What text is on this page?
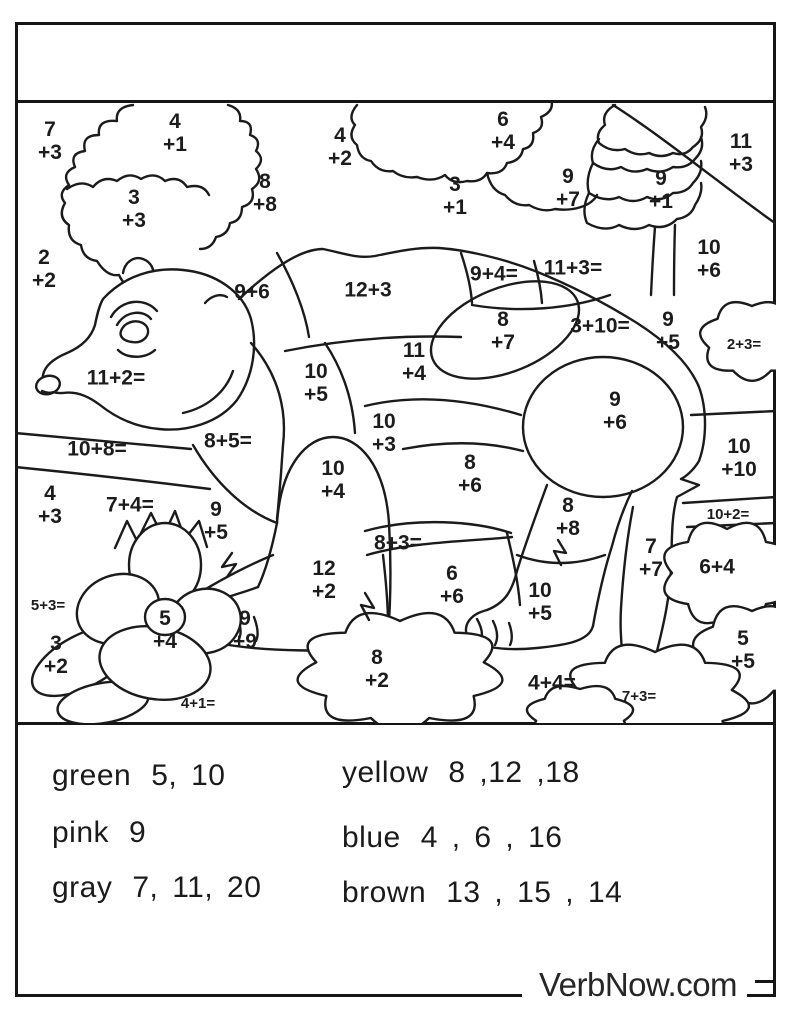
7
+3
4
+1	4
+2
6
+4	11
+3
3
+3
8
+8
3
+1
9
+7
9
+1
2
+2
10
+6
9+6	12+3
9+4= 11+3=
8
+7
3+10= 9
+5	2+3=
11
+4
10
+5
11+2=
10
+3
9
+6
10
+10
10+8=	8+5=
8
+6
10
+4
4
+3 7+4=	9
+5
8
+8
10+2=
8+3=
12
+2
7
+7 6+4
5+3=
6
+6	10
+5
5
+4
9
+9
3
+2	8
+2
5
+5
4+4=
7+3=
4+1=
green 5, 10
pink 9
gray 7, 11, 20
yellow 8 ,12 ,18
blue 4 , 6 , 16
brown 13 , 15 , 14
VerbNow.com
